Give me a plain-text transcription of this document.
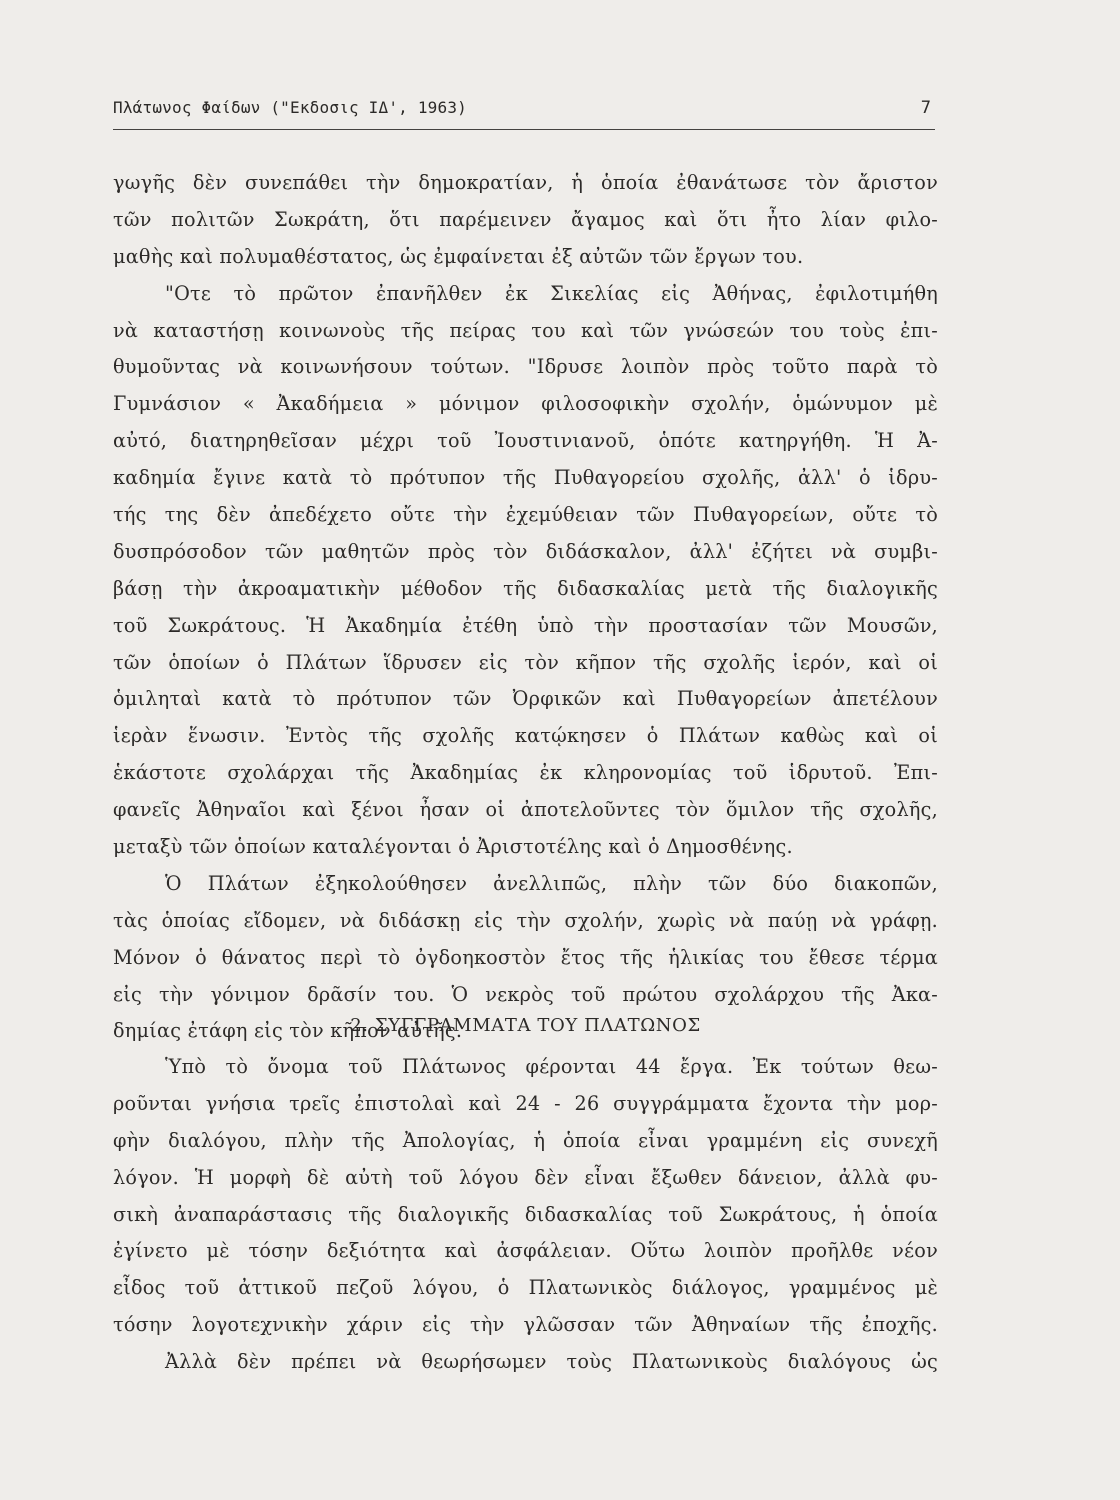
Πλάτωνος Φαίδων ("Εκδοσις ΙΔ', 1963)	7
γωγῆς δὲν συνεπάθει τὴν δημοκρατίαν, ἡ ὁποία ἐθανάτωσε τὸν ἄριστον
τῶν πολιτῶν Σωκράτη, ὅτι παρέμεινεν ἄγαμος καὶ ὅτι ἦτο λίαν φιλο-
μαθὴς καὶ πολυμαθέστατος, ὡς ἐμφαίνεται ἐξ αὐτῶν τῶν ἔργων του.
"Οτε τὸ πρῶτον ἐπανῆλθεν ἐκ Σικελίας εἰς Ἀθήνας, ἐφιλοτιμήθη
νὰ καταστήσῃ κοινωνοὺς τῆς πείρας του καὶ τῶν γνώσεών του τοὺς ἐπι-
θυμοῦντας νὰ κοινωνήσουν τούτων. "Ιδρυσε λοιπὸν πρὸς τοῦτο παρὰ τὸ
Γυμνάσιον « Ἀκαδήμεια » μόνιμον φιλοσοφικὴν σχολήν, ὁμώνυμον μὲ
αὐτό, διατηρηθεῖσαν μέχρι τοῦ Ἰουστινιανοῦ, ὁπότε κατηργήθη. Ἡ Ἀ-
καδημία ἔγινε κατὰ τὸ πρότυπον τῆς Πυθαγορείου σχολῆς, ἀλλ' ὁ ἱδρυ-
τής της δὲν ἀπεδέχετο οὔτε τὴν ἐχεμύθειαν τῶν Πυθαγορείων, οὔτε τὸ
δυσπρόσοδον τῶν μαθητῶν πρὸς τὸν διδάσκαλον, ἀλλ' ἐζήτει νὰ συμβι-
βάσῃ τὴν ἀκροαματικὴν μέθοδον τῆς διδασκαλίας μετὰ τῆς διαλογικῆς
τοῦ Σωκράτους. Ἡ Ἀκαδημία ἐτέθη ὑπὸ τὴν προστασίαν τῶν Μουσῶν,
τῶν ὁποίων ὁ Πλάτων ἵδρυσεν εἰς τὸν κῆπον τῆς σχολῆς ἱερόν, καὶ οἱ
ὁμιληταὶ κατὰ τὸ πρότυπον τῶν Ὀρφικῶν καὶ Πυθαγορείων ἀπετέλουν
ἱερὰν ἕνωσιν. Ἐντὸς τῆς σχολῆς κατῴκησεν ὁ Πλάτων καθὼς καὶ οἱ
ἑκάστοτε σχολάρχαι τῆς Ἀκαδημίας ἐκ κληρονομίας τοῦ ἱδρυτοῦ. Ἐπι-
φανεῖς Ἀθηναῖοι καὶ ξένοι ἦσαν οἱ ἀποτελοῦντες τὸν ὅμιλον τῆς σχολῆς,
μεταξὺ τῶν ὁποίων καταλέγονται ὁ Ἀριστοτέλης καὶ ὁ Δημοσθένης.
Ὁ Πλάτων ἐξηκολούθησεν ἀνελλιπῶς, πλὴν τῶν δύο διακοπῶν,
τὰς ὁποίας εἴδομεν, νὰ διδάσκῃ εἰς τὴν σχολήν, χωρὶς νὰ παύῃ νὰ γράφῃ.
Μόνον ὁ θάνατος περὶ τὸ ὀγδοηκοστὸν ἔτος τῆς ἡλικίας του ἔθεσε τέρμα
εἰς τὴν γόνιμον δρᾶσίν του. Ὁ νεκρὸς τοῦ πρώτου σχολάρχου τῆς Ἀκα-
δημίας ἐτάφη εἰς τὸν κῆπον αὐτῆς.
2. ΣΥΓΓΡΑΜΜΑΤΑ ΤΟΥ ΠΛΑΤΩΝΟΣ
Ὑπὸ τὸ ὄνομα τοῦ Πλάτωνος φέρονται 44 ἔργα. Ἐκ τούτων θεω-
ροῦνται γνήσια τρεῖς ἐπιστολαὶ καὶ 24 - 26 συγγράμματα ἔχοντα τὴν μορ-
φὴν διαλόγου, πλὴν τῆς Ἀπολογίας, ἡ ὁποία εἶναι γραμμένη εἰς συνεχῆ
λόγον. Ἡ μορφὴ δὲ αὐτὴ τοῦ λόγου δὲν εἶναι ἔξωθεν δάνειον, ἀλλὰ φυ-
σικὴ ἀναπαράστασις τῆς διαλογικῆς διδασκαλίας τοῦ Σωκράτους, ἡ ὁποία
ἐγίνετο μὲ τόσην δεξιότητα καὶ ἀσφάλειαν. Οὕτω λοιπὸν προῆλθε νέον
εἶδος τοῦ ἀττικοῦ πεζοῦ λόγου, ὁ Πλατωνικὸς διάλογος, γραμμένος μὲ
τόσην λογοτεχνικὴν χάριν εἰς τὴν γλῶσσαν τῶν Ἀθηναίων τῆς ἐποχῆς.
Ἀλλὰ δὲν πρέπει νὰ θεωρήσωμεν τοὺς Πλατωνικοὺς διαλόγους ὡς
